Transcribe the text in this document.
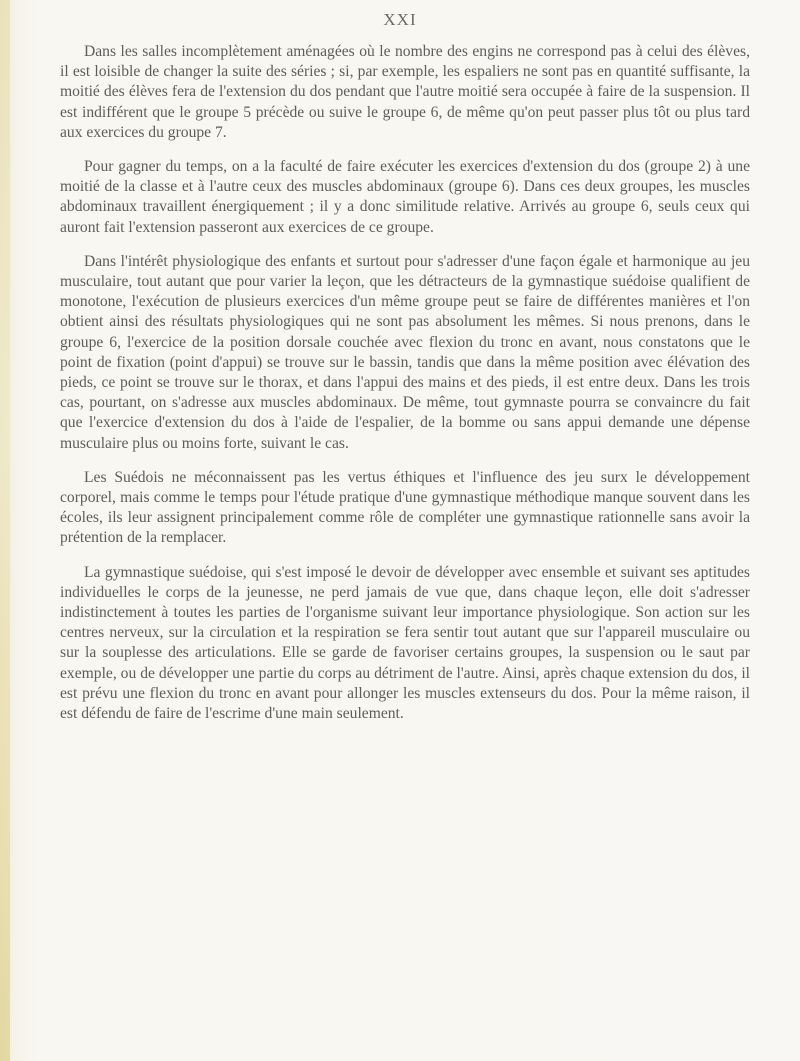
XXI

Dans les salles incomplètement aménagées où le nombre des engins ne correspond pas à celui des élèves, il est loisible de changer la suite des séries ; si, par exemple, les espaliers ne sont pas en quantité suffisante, la moitié des élèves fera de l'extension du dos pendant que l'autre moitié sera occupée à faire de la suspension. Il est indifférent que le groupe 5 précède ou suive le groupe 6, de même qu'on peut passer plus tôt ou plus tard aux exercices du groupe 7.

Pour gagner du temps, on a la faculté de faire exécuter les exercices d'extension du dos (groupe 2) à une moitié de la classe et à l'autre ceux des muscles abdominaux (groupe 6). Dans ces deux groupes, les muscles abdominaux travaillent énergiquement ; il y a donc similitude relative. Arrivés au groupe 6, seuls ceux qui auront fait l'extension passeront aux exercices de ce groupe.

Dans l'intérêt physiologique des enfants et surtout pour s'adresser d'une façon égale et harmonique au jeu musculaire, tout autant que pour varier la leçon, que les détracteurs de la gymnastique suédoise qualifient de monotone, l'exécution de plusieurs exercices d'un même groupe peut se faire de différentes manières et l'on obtient ainsi des résultats physiologiques qui ne sont pas absolument les mêmes. Si nous prenons, dans le groupe 6, l'exercice de la position dorsale couchée avec flexion du tronc en avant, nous constatons que le point de fixation (point d'appui) se trouve sur le bassin, tandis que dans la même position avec élévation des pieds, ce point se trouve sur le thorax, et dans l'appui des mains et des pieds, il est entre deux. Dans les trois cas, pourtant, on s'adresse aux muscles abdominaux. De même, tout gymnaste pourra se convaincre du fait que l'exercice d'extension du dos à l'aide de l'espalier, de la bomme ou sans appui demande une dépense musculaire plus ou moins forte, suivant le cas.

Les Suédois ne méconnaissent pas les vertus éthiques et l'influence des jeu surx le développement corporel, mais comme le temps pour l'étude pratique d'une gymnastique méthodique manque souvent dans les écoles, ils leur assignent principalement comme rôle de compléter une gymnastique rationnelle sans avoir la prétention de la remplacer.

La gymnastique suédoise, qui s'est imposé le devoir de développer avec ensemble et suivant ses aptitudes individuelles le corps de la jeunesse, ne perd jamais de vue que, dans chaque leçon, elle doit s'adresser indistinctement à toutes les parties de l'organisme suivant leur importance physiologique. Son action sur les centres nerveux, sur la circulation et la respiration se fera sentir tout autant que sur l'appareil musculaire ou sur la souplesse des articulations. Elle se garde de favoriser certains groupes, la suspension ou le saut par exemple, ou de développer une partie du corps au détriment de l'autre. Ainsi, après chaque extension du dos, il est prévu une flexion du tronc en avant pour allonger les muscles extenseurs du dos. Pour la même raison, il est défendu de faire de l'escrime d'une main seulement.
